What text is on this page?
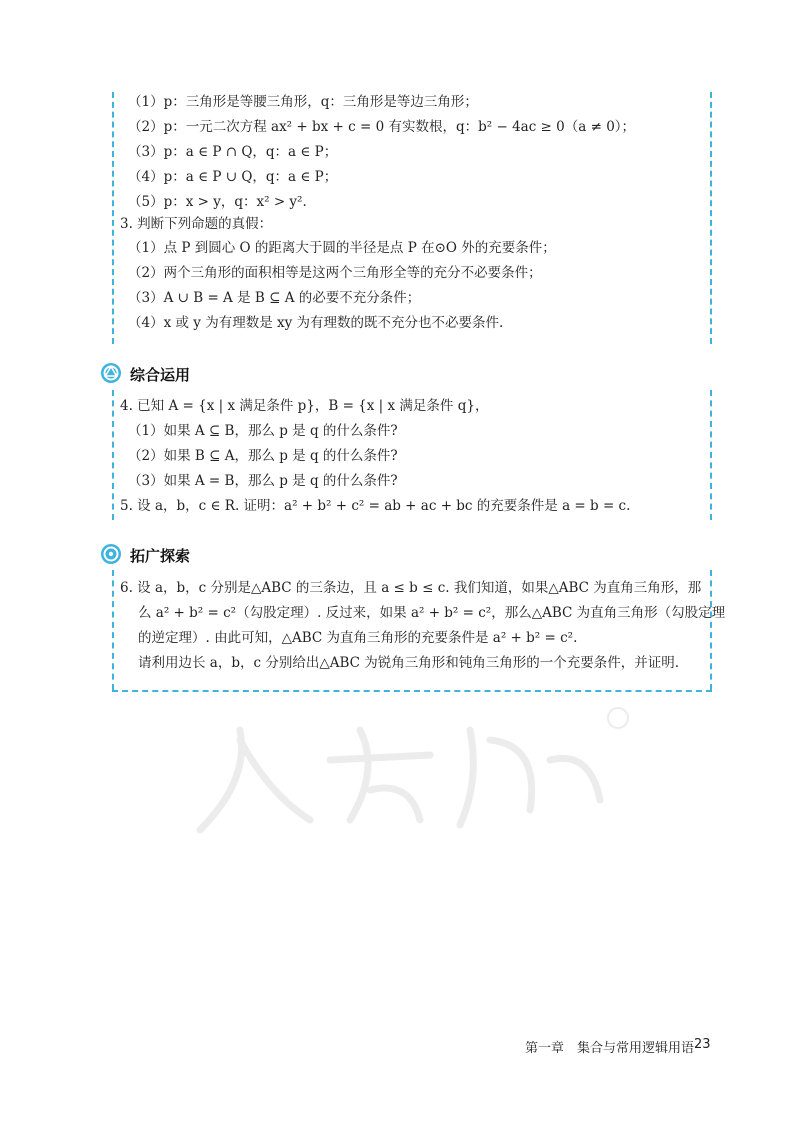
（1）p：三角形是等腰三角形，q：三角形是等边三角形；
（2）p：一元二次方程 ax² + bx + c = 0 有实数根，q：b² − 4ac ≥ 0（a ≠ 0）；
（3）p：a ∈ P ∩ Q，q：a ∈ P；
（4）p：a ∈ P ∪ Q，q：a ∈ P；
（5）p：x > y，q：x² > y².
3. 判断下列命题的真假：
（1）点 P 到圆心 O 的距离大于圆的半径是点 P 在⊙O 外的充要条件；
（2）两个三角形的面积相等是这两个三角形全等的充分不必要条件；
（3）A ∪ B = A 是 B ⊆ A 的必要不充分条件；
（4）x 或 y 为有理数是 xy 为有理数的既不充分也不必要条件.
综合运用
4. 已知 A = {x | x 满足条件 p}，B = {x | x 满足条件 q}，
（1）如果 A ⊆ B，那么 p 是 q 的什么条件?
（2）如果 B ⊆ A，那么 p 是 q 的什么条件?
（3）如果 A = B，那么 p 是 q 的什么条件?
5. 设 a，b，c ∈ R. 证明：a² + b² + c² = ab + ac + bc 的充要条件是 a = b = c.
拓广探索
6. 设 a，b，c 分别是△ABC 的三条边，且 a ≤ b ≤ c. 我们知道，如果△ABC 为直角三角形，那
么 a² + b² = c²（勾股定理）. 反过来，如果 a² + b² = c²，那么△ABC 为直角三角形（勾股定理
的逆定理）. 由此可知，△ABC 为直角三角形的充要条件是 a² + b² = c².
请利用边长 a，b，c 分别给出△ABC 为锐角三角形和钝角三角形的一个充要条件，并证明.
第一章 集合与常用逻辑用语 23
